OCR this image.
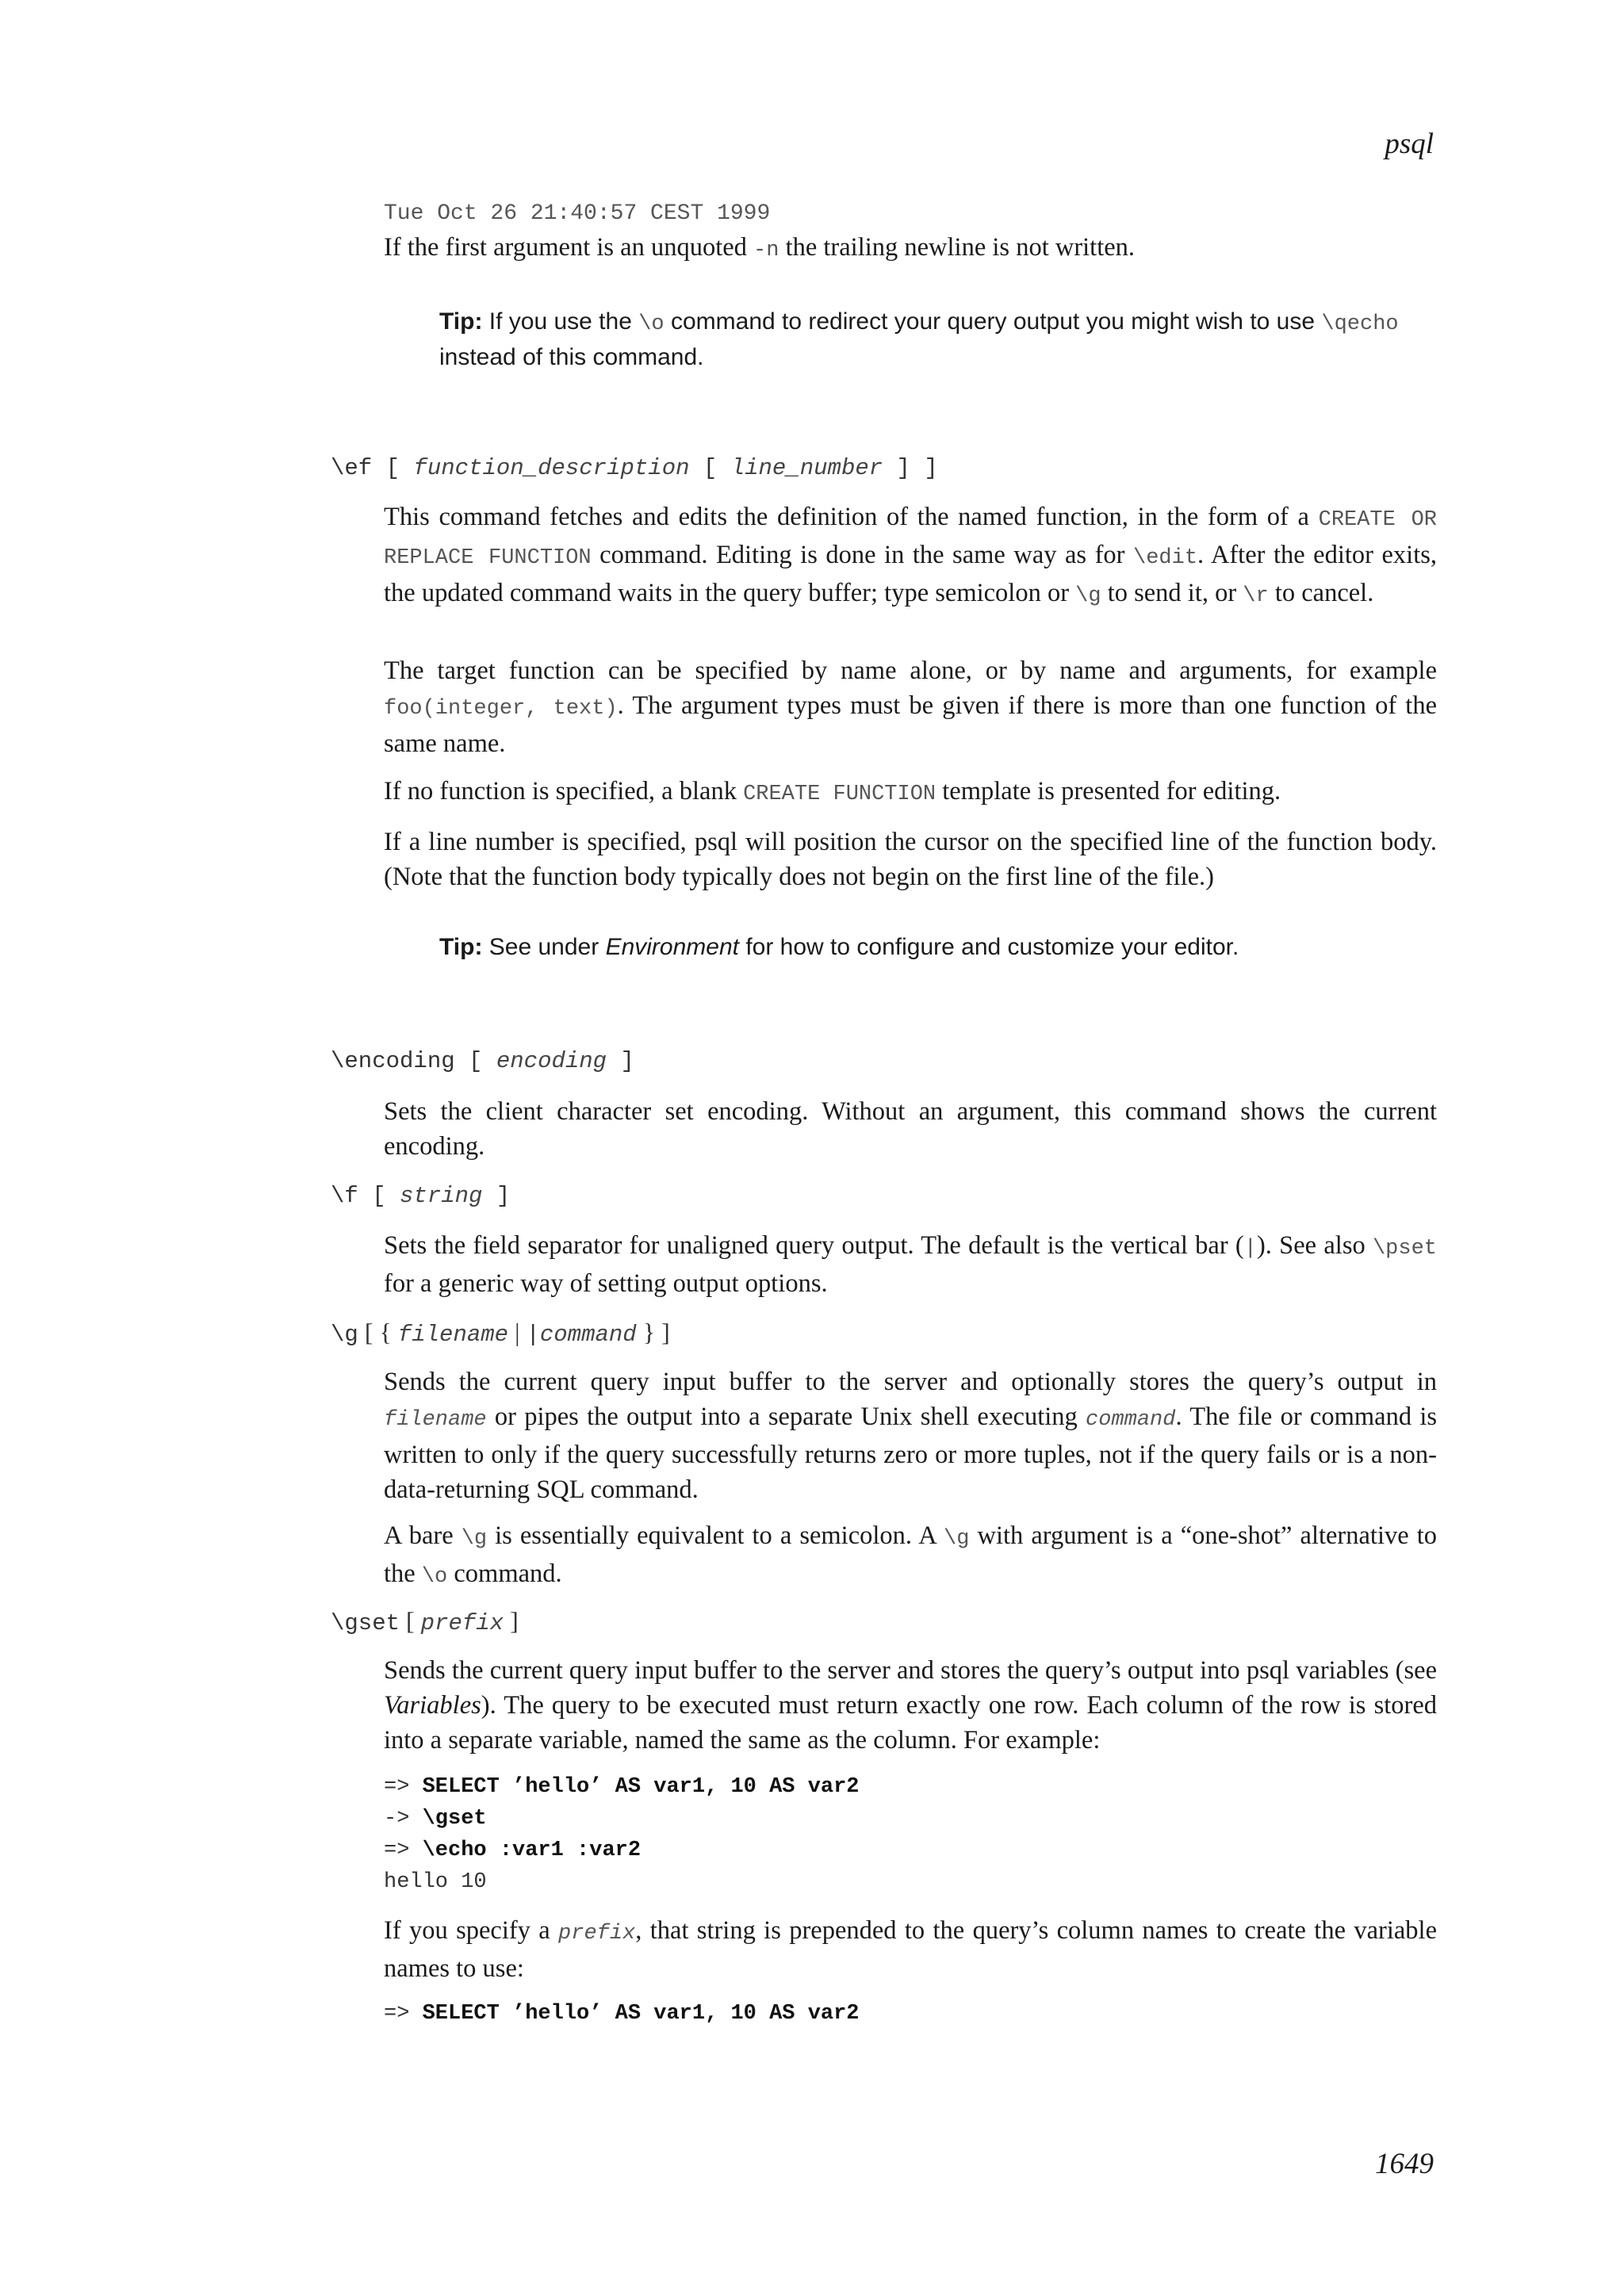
psql
Tue Oct 26 21:40:57 CEST 1999

If the first argument is an unquoted -n the trailing newline is not written.

Tip: If you use the \o command to redirect your query output you might wish to use \qecho instead of this command.

\ef [ function_description [ line_number ] ]

This command fetches and edits the definition of the named function, in the form of a CREATE OR REPLACE FUNCTION command. Editing is done in the same way as for \edit. After the editor exits, the updated command waits in the query buffer; type semicolon or \g to send it, or \r to cancel.

The target function can be specified by name alone, or by name and arguments, for example foo(integer, text). The argument types must be given if there is more than one function of the same name.

If no function is specified, a blank CREATE FUNCTION template is presented for editing.

If a line number is specified, psql will position the cursor on the specified line of the function body. (Note that the function body typically does not begin on the first line of the file.)

Tip: See under Environment for how to configure and customize your editor.

\encoding [ encoding ]

Sets the client character set encoding. Without an argument, this command shows the current encoding.

\f [ string ]

Sets the field separator for unaligned query output. The default is the vertical bar (|). See also \pset for a generic way of setting output options.

\g [ { filename | |command } ]

Sends the current query input buffer to the server and optionally stores the query’s output in filename or pipes the output into a separate Unix shell executing command. The file or command is written to only if the query successfully returns zero or more tuples, not if the query fails or is a non-data-returning SQL command.

A bare \g is essentially equivalent to a semicolon. A \g with argument is a “one-shot” alternative to the \o command.

\gset [ prefix ]

Sends the current query input buffer to the server and stores the query’s output into psql variables (see Variables). The query to be executed must return exactly one row. Each column of the row is stored into a separate variable, named the same as the column. For example:

=> SELECT ’hello’ AS var1, 10 AS var2
-> \gset
=> \echo :var1 :var2
hello 10

If you specify a prefix, that string is prepended to the query’s column names to create the variable names to use:

=> SELECT ’hello’ AS var1, 10 AS var2
1649
